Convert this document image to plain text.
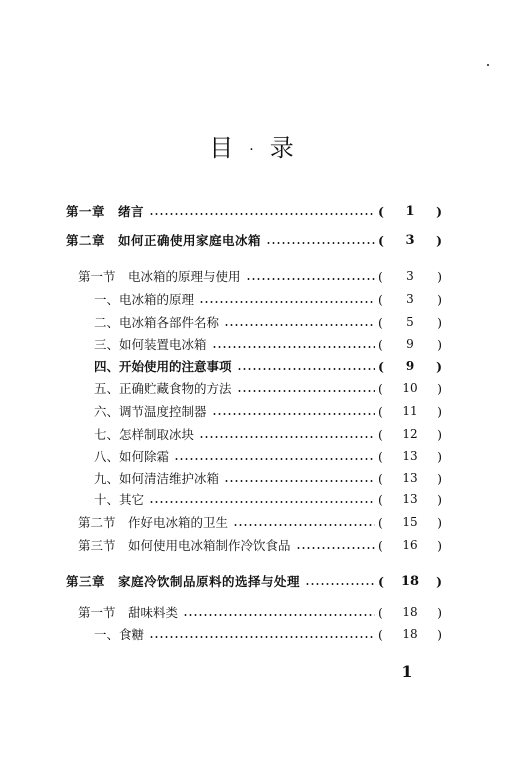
目 · 录
第一章　绪言	(	1	)
第二章　如何正确使用家庭电冰箱	(	3	)
第一节　电冰箱的原理与使用	(	3	)
一、电冰箱的原理	(	3	)
二、电冰箱各部件名称	(	5	)
三、如何装置电冰箱	(	9	)
四、开始使用的注意事项	(	9	)
五、正确贮藏食物的方法	(	10	)
六、调节温度控制器	(	11	)
七、怎样制取冰块	(	12	)
八、如何除霜	(	13	)
九、如何清洁维护冰箱	(	13	)
十、其它	(	13	)
第二节　作好电冰箱的卫生	(	15	)
第三节　如何使用电冰箱制作冷饮食品	(	16	)
第三章　家庭冷饮制品原料的选择与处理	(	18	)
第一节　甜味料类	(	18	)
一、食糖	(	18	)
1
